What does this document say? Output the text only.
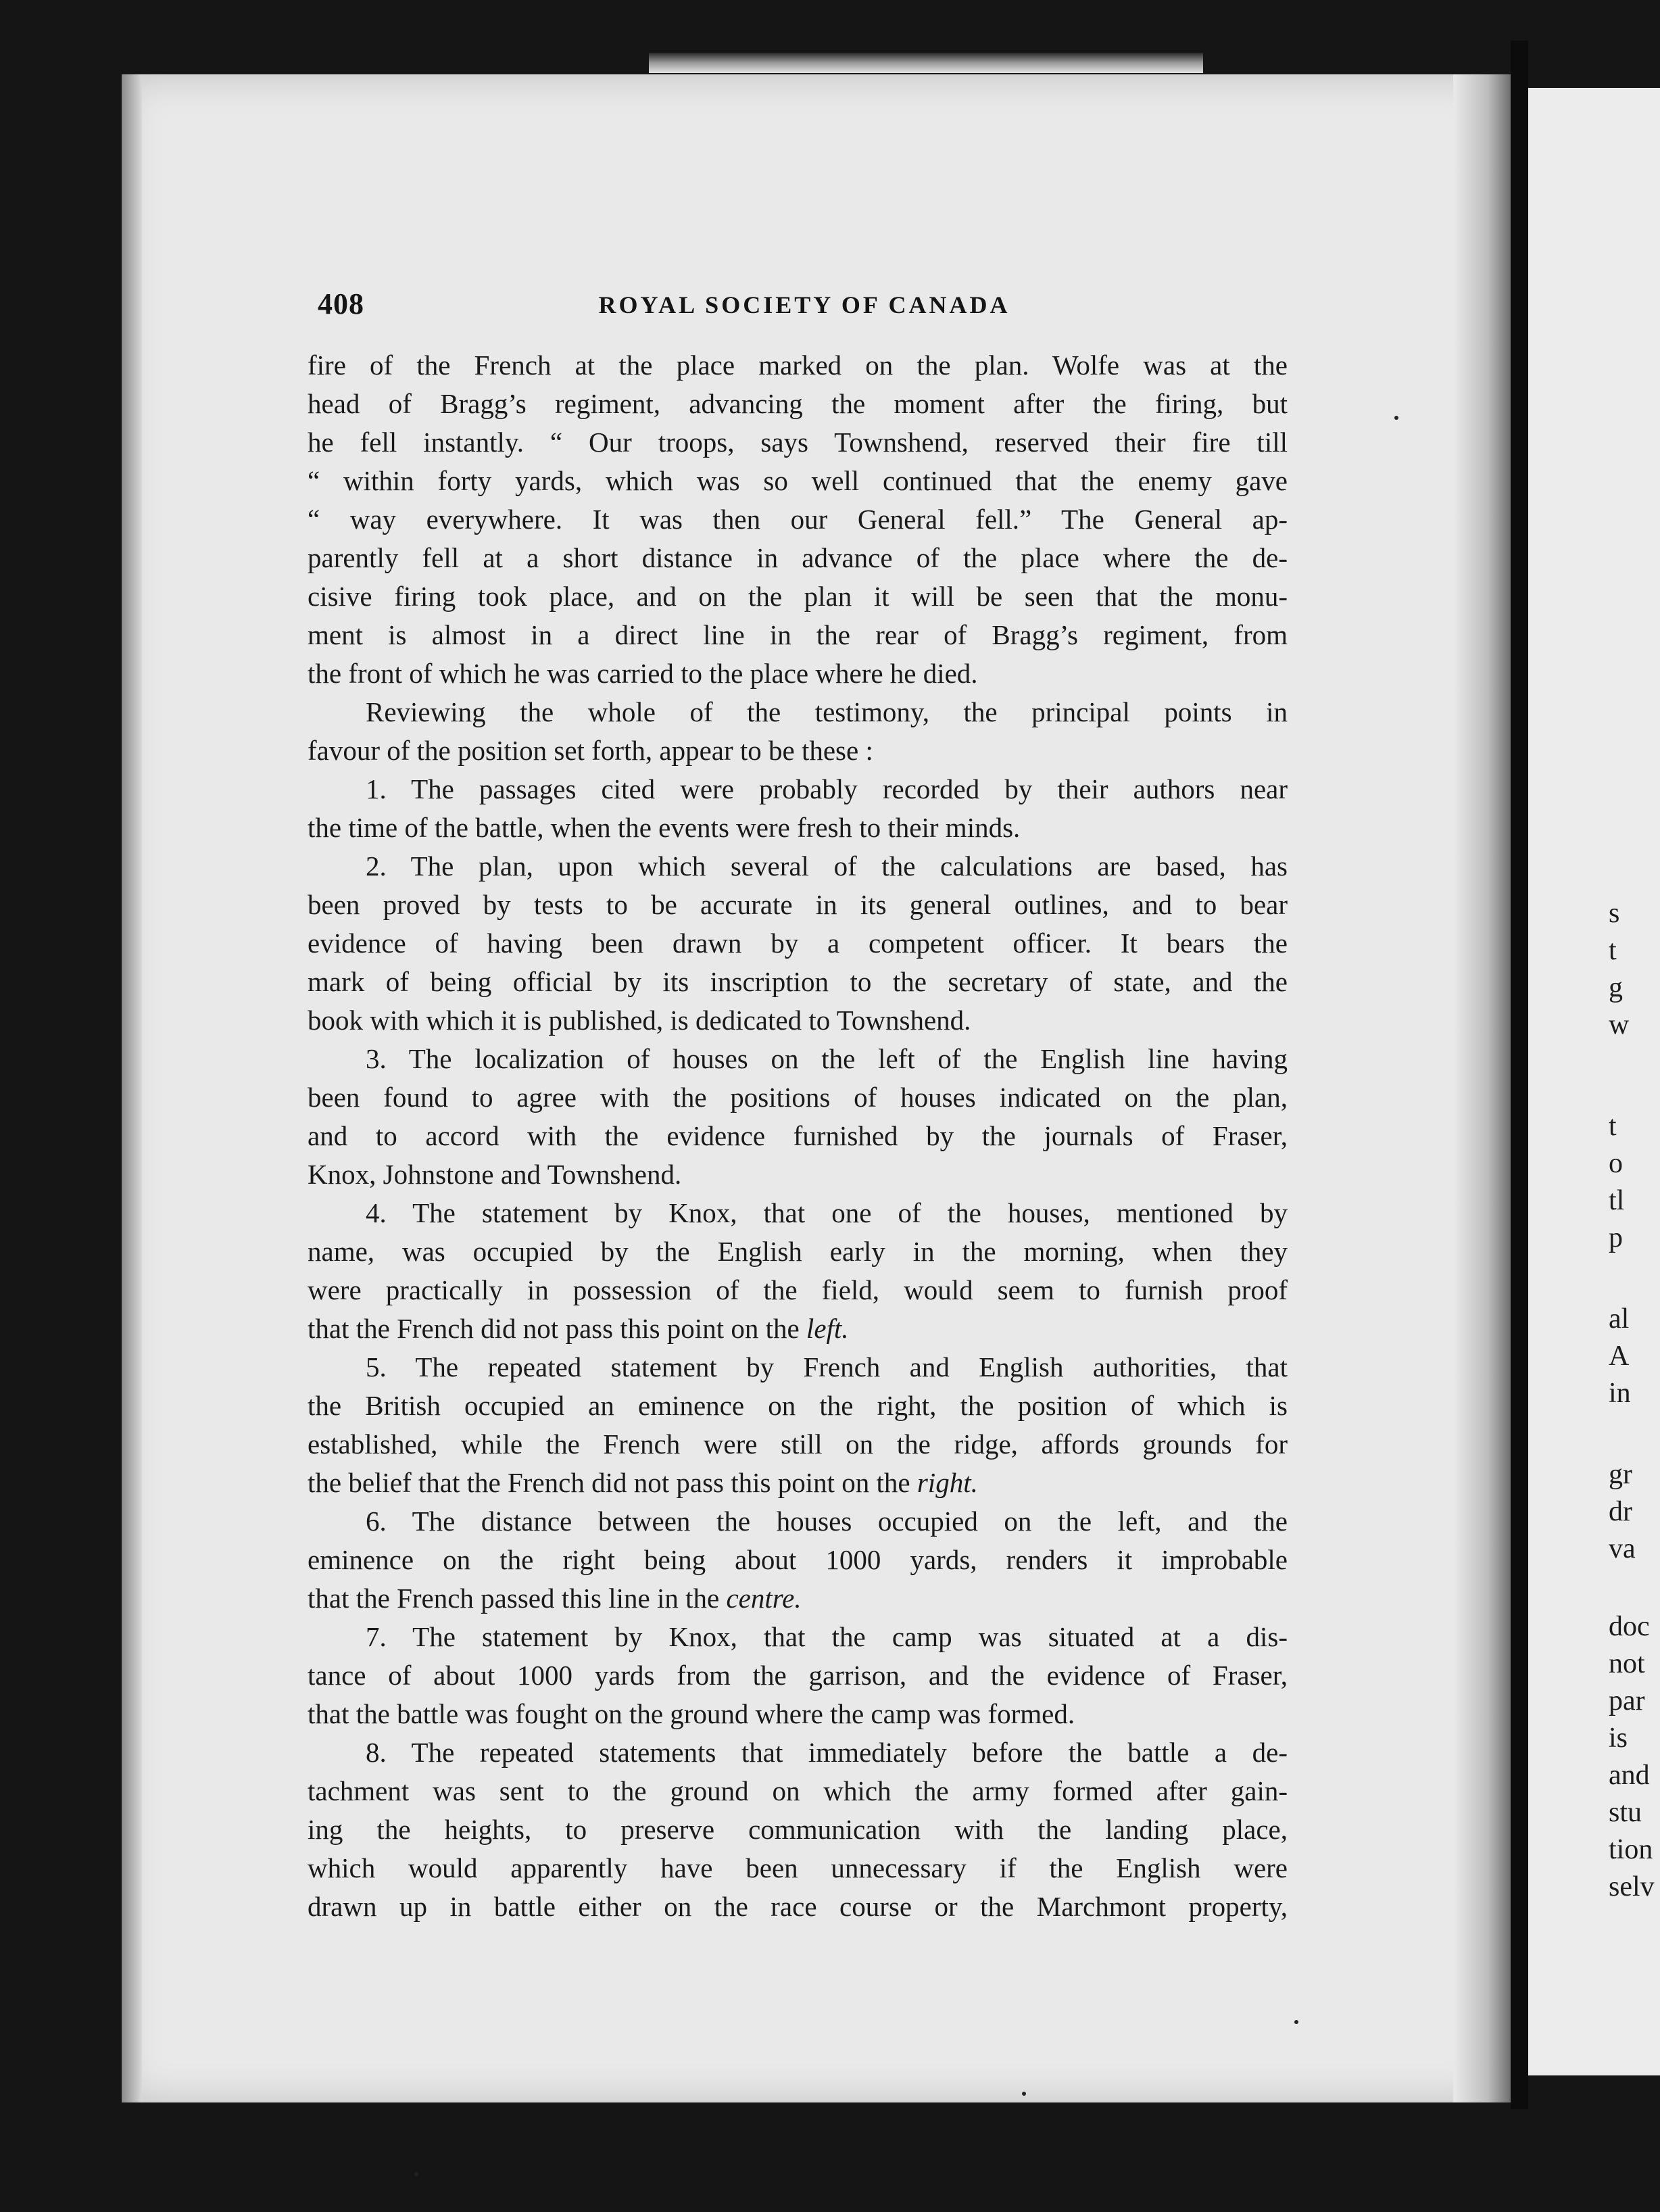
s
t
g
w
t
o
tl
p
al
A
in
gr
dr
va
doc
not
par
is
and
stu
tion
selv
408	ROYAL SOCIETY OF CANADA
fire of the French at the place marked on the plan. Wolfe was at the
head of Bragg’s regiment, advancing the moment after the firing, but
he fell instantly. “ Our troops, says Townshend, reserved their fire till
“ within forty yards, which was so well continued that the enemy gave
“ way everywhere. It was then our General fell.” The General ap-
parently fell at a short distance in advance of the place where the de-
cisive firing took place, and on the plan it will be seen that the monu-
ment is almost in a direct line in the rear of Bragg’s regiment, from
the front of which he was carried to the place where he died.
Reviewing the whole of the testimony, the principal points in
favour of the position set forth, appear to be these :
1. The passages cited were probably recorded by their authors near
the time of the battle, when the events were fresh to their minds.
2. The plan, upon which several of the calculations are based, has
been proved by tests to be accurate in its general outlines, and to bear
evidence of having been drawn by a competent officer. It bears the
mark of being official by its inscription to the secretary of state, and the
book with which it is published, is dedicated to Townshend.
3. The localization of houses on the left of the English line having
been found to agree with the positions of houses indicated on the plan,
and to accord with the evidence furnished by the journals of Fraser,
Knox, Johnstone and Townshend.
4. The statement by Knox, that one of the houses, mentioned by
name, was occupied by the English early in the morning, when they
were practically in possession of the field, would seem to furnish proof
that the French did not pass this point on the left.
5. The repeated statement by French and English authorities, that
the British occupied an eminence on the right, the position of which is
established, while the French were still on the ridge, affords grounds for
the belief that the French did not pass this point on the right.
6. The distance between the houses occupied on the left, and the
eminence on the right being about 1000 yards, renders it improbable
that the French passed this line in the centre.
7. The statement by Knox, that the camp was situated at a dis-
tance of about 1000 yards from the garrison, and the evidence of Fraser,
that the battle was fought on the ground where the camp was formed.
8. The repeated statements that immediately before the battle a de-
tachment was sent to the ground on which the army formed after gain-
ing the heights, to preserve communication with the landing place,
which would apparently have been unnecessary if the English were
drawn up in battle either on the race course or the Marchmont property,
